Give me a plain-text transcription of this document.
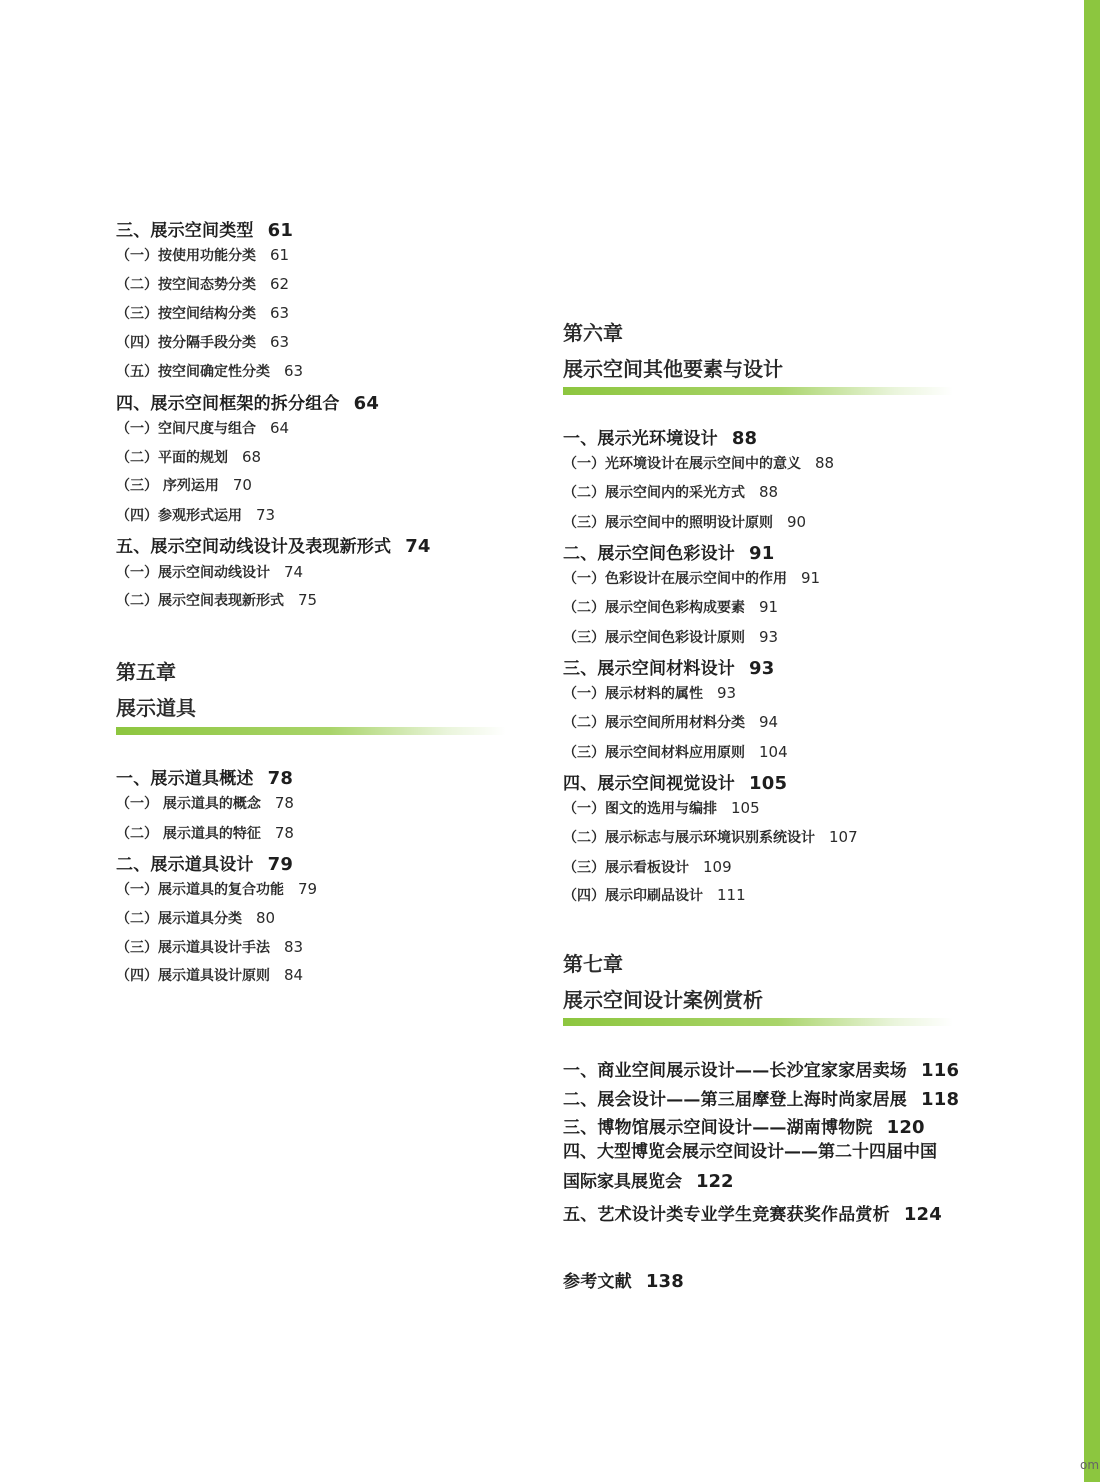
om
三、展示空间类型 61
（一）按使用功能分类 61
（二）按空间态势分类 62
（三）按空间结构分类 63
（四）按分隔手段分类 63
（五）按空间确定性分类 63
四、展示空间框架的拆分组合 64
（一）空间尺度与组合 64
（二）平面的规划 68
（三） 序列运用 70
（四）参观形式运用 73
五、展示空间动线设计及表现新形式 74
（一）展示空间动线设计 74
（二）展示空间表现新形式 75
第五章
展示道具
一、展示道具概述 78
（一） 展示道具的概念 78
（二） 展示道具的特征 78
二、展示道具设计 79
（一）展示道具的复合功能 79
（二）展示道具分类 80
（三）展示道具设计手法 83
（四）展示道具设计原则 84
第六章
展示空间其他要素与设计
一、展示光环境设计 88
（一）光环境设计在展示空间中的意义 88
（二）展示空间内的采光方式 88
（三）展示空间中的照明设计原则 90
二、展示空间色彩设计 91
（一）色彩设计在展示空间中的作用 91
（二）展示空间色彩构成要素 91
（三）展示空间色彩设计原则 93
三、展示空间材料设计 93
（一）展示材料的属性 93
（二）展示空间所用材料分类 94
（三）展示空间材料应用原则 104
四、展示空间视觉设计 105
（一）图文的选用与编排 105
（二）展示标志与展示环境识别系统设计 107
（三）展示看板设计 109
（四）展示印刷品设计 111
第七章
展示空间设计案例赏析
一、商业空间展示设计——长沙宜家家居卖场 116
二、展会设计——第三届摩登上海时尚家居展 118
三、博物馆展示空间设计——湖南博物院 120
四、大型博览会展示空间设计——第二十四届中国国际家具展览会 122
五、艺术设计类专业学生竞赛获奖作品赏析 124
参考文献 138
